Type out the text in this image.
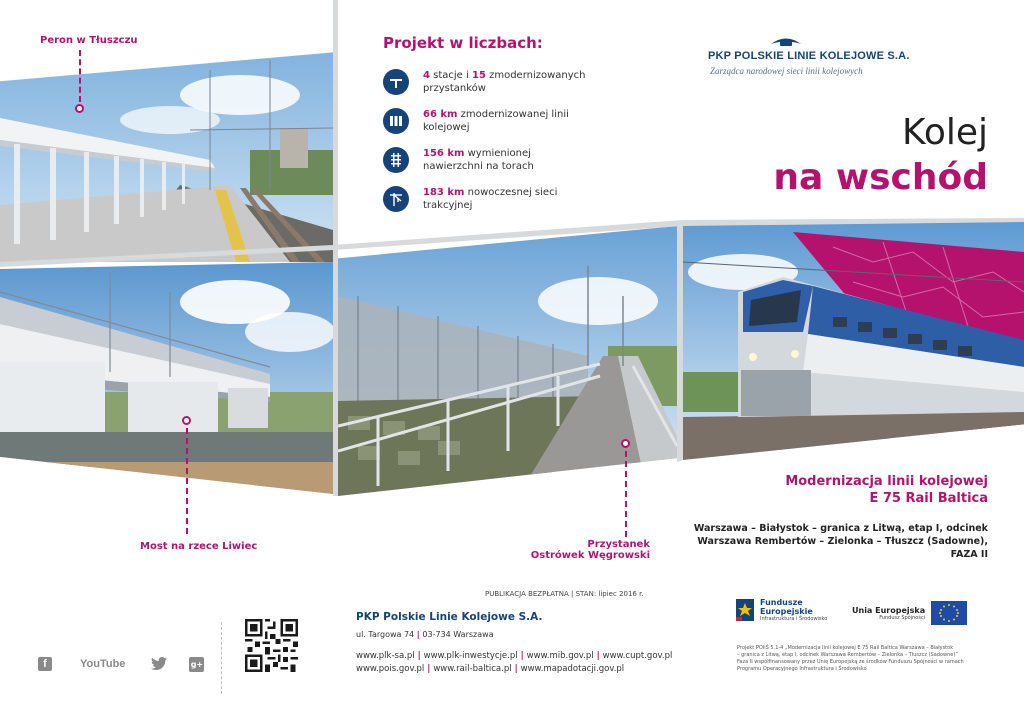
Peron w Tłuszczu
Most na rzece Liwiec	Przystanek
Ostrówek Węgrowski
Projekt w liczbach:
4 stacje i 15 zmodernizowanych przystanków
66 km zmodernizowanej linii kolejowej
156 km wymienionej nawierzchni na torach
183 km nowoczesnej sieci trakcyjnej
PKP POLSKIE LINIE KOLEJOWE S.A.
Zarządca narodowej sieci linii kolejowych
Kolej
na wschód
Modernizacja linii kolejowej
E 75 Rail Baltica
Warszawa – Białystok – granica z Litwą, etap I, odcinek
Warszawa Rembertów – Zielonka – Tłuszcz (Sadowne),
FAZA II
f	YouTube	g+
PUBLIKACJA BEZPŁATNA | STAN: lipiec 2016 r.
PKP Polskie Linie Kolejowe S.A.
ul. Targowa 74 | 03-734 Warszawa
www.plk-sa.pl | www.plk-inwestycje.pl | www.mib.gov.pl | www.cupt.gov.pl
www.pois.gov.pl | www.rail-baltica.pl | www.mapadotacji.gov.pl
Fundusze
Europejskie
Infrastruktura i Środowisko
Unia Europejska
Fundusz Spójności
Projekt POIiŚ 5.1-4 „Modernizacja linii kolejowej E 75 Rail Baltica Warszawa – Białystok
– granica z Litwą, etap I, odcinek Warszawa Rembertów – Zielonka – Tłuszcz (Sadowne)”
Faza II współfinansowany przez Unię Europejską ze środków Funduszu Spójności w ramach
Programu Operacyjnego Infrastruktura i Środowisko
